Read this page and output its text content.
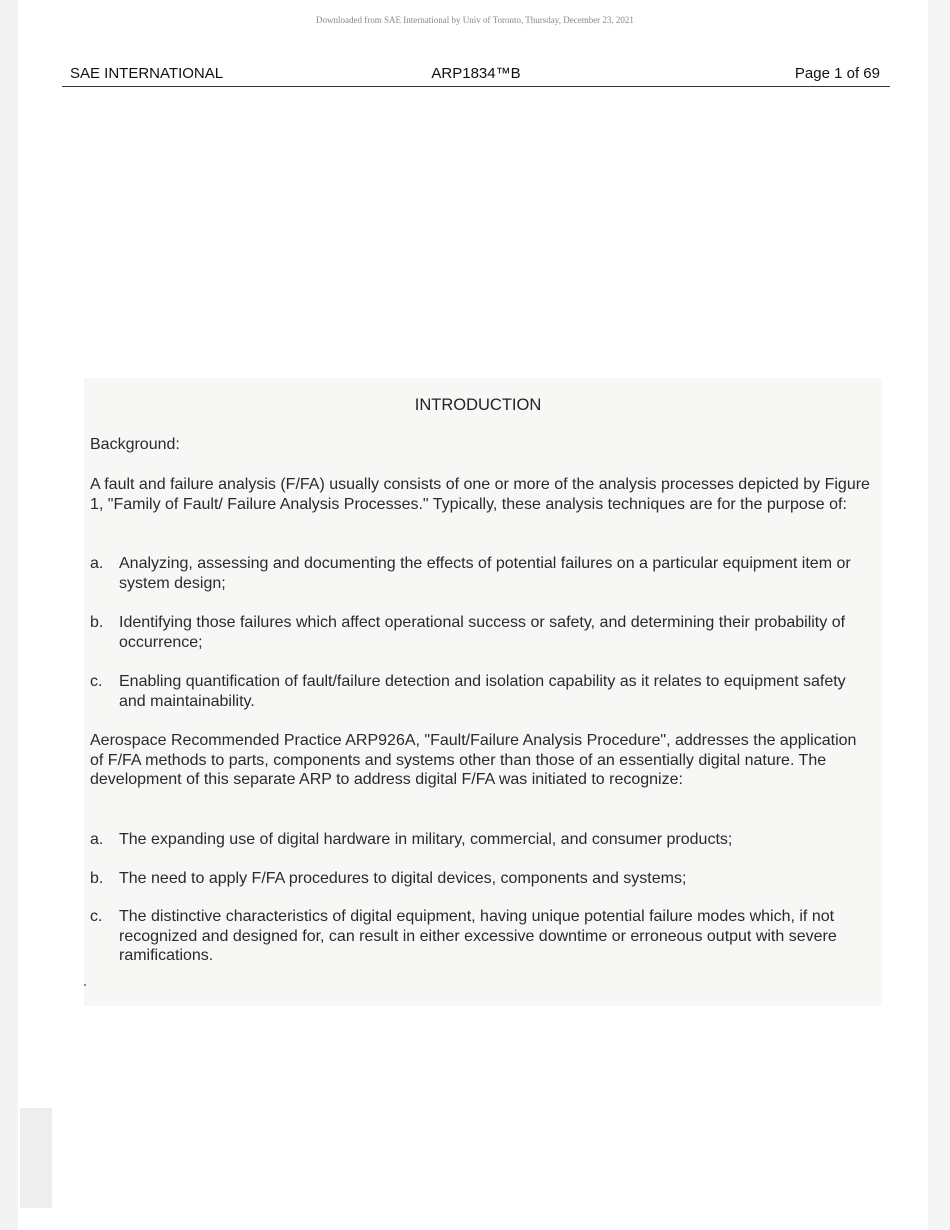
Downloaded from SAE International by Univ of Toronto, Thursday, December 23, 2021
SAE INTERNATIONAL	ARP1834™B	Page 1 of 69
INTRODUCTION
Background:
A fault and failure analysis (F/FA) usually consists of one or more of the analysis processes depicted by Figure 1, "Family of Fault/ Failure Analysis Processes." Typically, these analysis techniques are for the purpose of:
a. Analyzing, assessing and documenting the effects of potential failures on a particular equipment item or system design;
b. Identifying those failures which affect operational success or safety, and determining their probability of occurrence;
c.	Enabling quantification of fault/failure detection and isolation capability as it relates to equipment safety and maintainability.
Aerospace Recommended Practice ARP926A, "Fault/Failure Analysis Procedure", addresses the application of F/FA methods to parts, components and systems other than those of an essentially digital nature. The development of this separate ARP to address digital F/FA was initiated to recognize:
a. The expanding use of digital hardware in military, commercial, and consumer products;
b. The need to apply F/FA procedures to digital devices, components and systems;
c.	The distinctive characteristics of digital equipment, having unique potential failure modes which, if not recognized and designed for, can result in either excessive downtime or erroneous output with severe ramifications.
